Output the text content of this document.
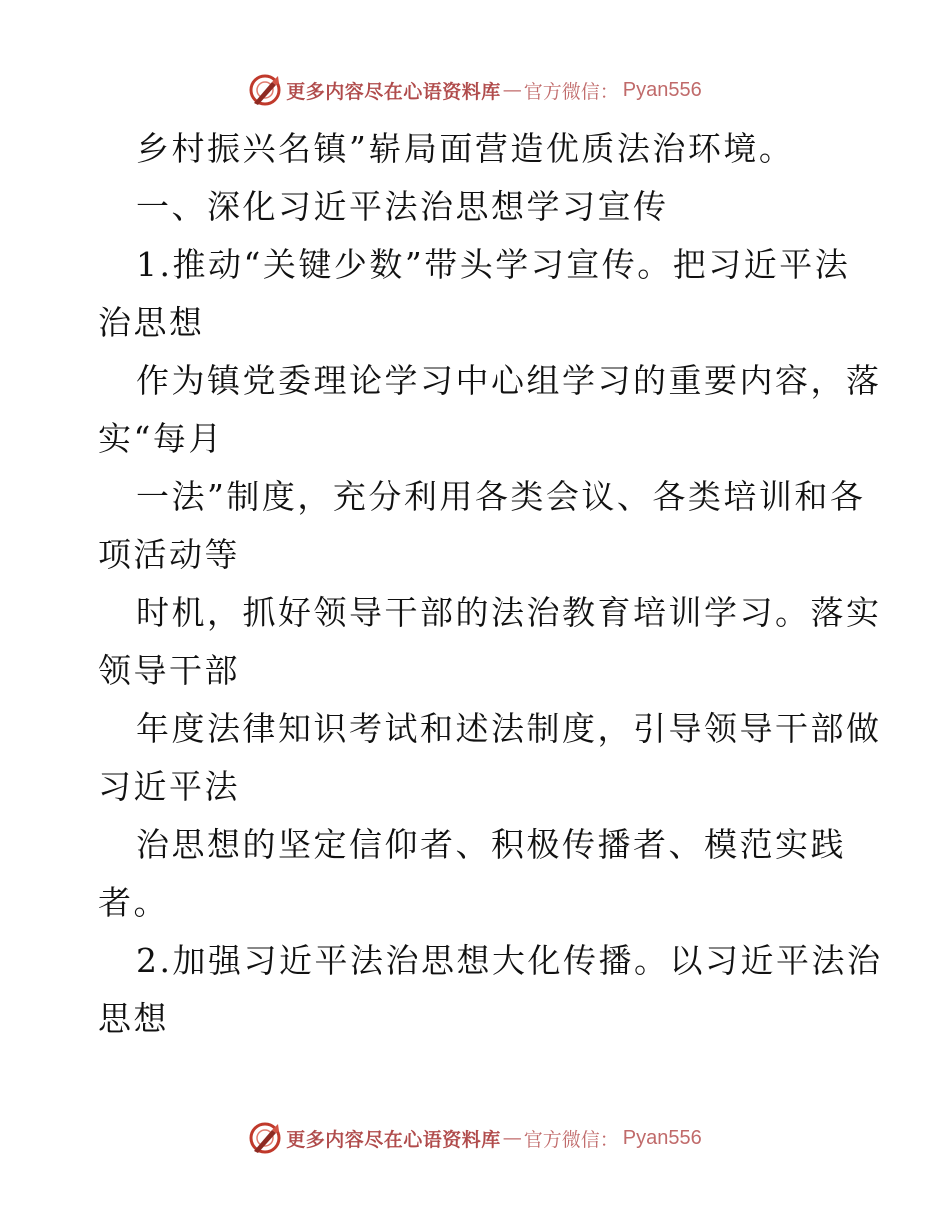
更多内容尽在心语资料库 — 官方微信： Pyan556
乡村振兴名镇”崭局面营造优质法治环境。
一、深化习近平法治思想学习宣传
1.推动“关键少数”带头学习宣传。把习近平法
治思想
作为镇党委理论学习中心组学习的重要内容，落
实“每月
一法”制度，充分利用各类会议、各类培训和各
项活动等
时机，抓好领导干部的法治教育培训学习。落实
领导干部
年度法律知识考试和述法制度，引导领导干部做
习近平法
治思想的坚定信仰者、积极传播者、模范实践
者。
2.加强习近平法治思想大化传播。以习近平法治
思想
更多内容尽在心语资料库 — 官方微信： Pyan556
